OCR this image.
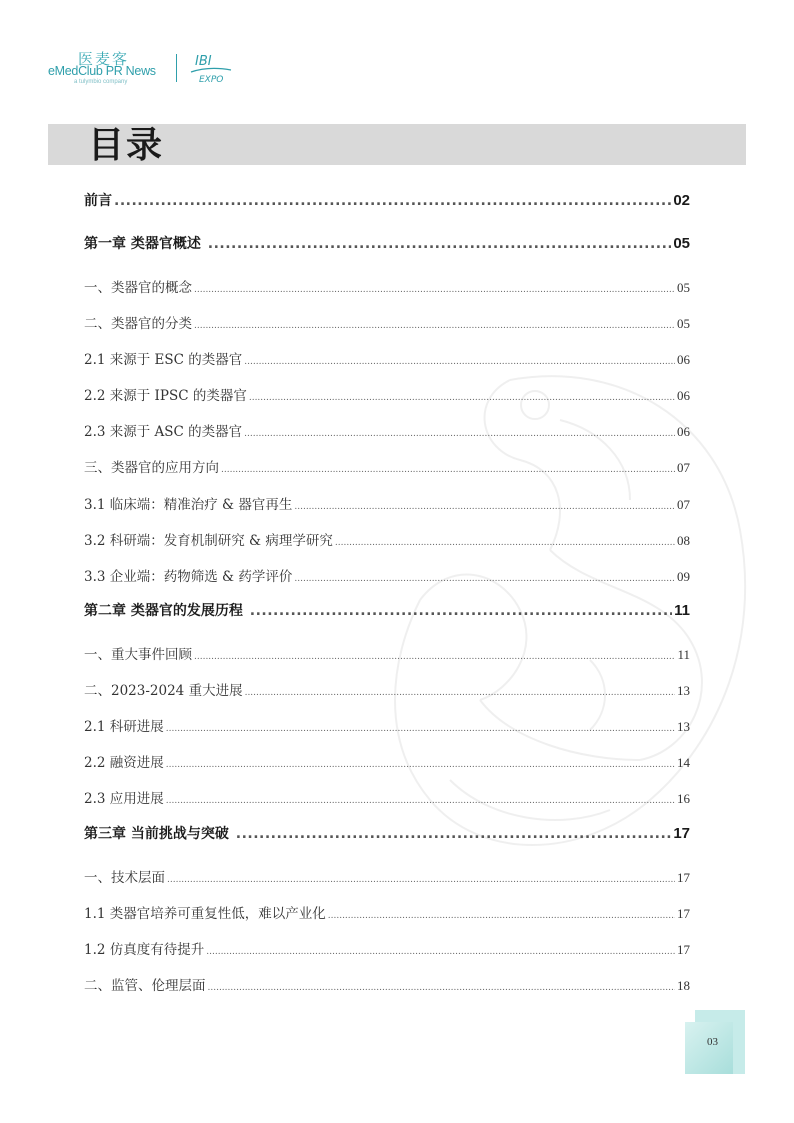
医麦客
eMedClub PR News
a tulymbio company
IBI
EXPO
目录
前言 .....	02
第一章 类器官概述 .....	05
一、类器官的概念 .....	05
二、类器官的分类 .....	05
2.1 来源于 ESC 的类器官 .....	06
2.2 来源于 IPSC 的类器官 .....	06
2.3 来源于 ASC 的类器官 .....	06
三、类器官的应用方向 .....	07
3.1 临床端：精准治疗 & 器官再生 .....	07
3.2 科研端：发育机制研究 & 病理学研究 .....	08
3.3 企业端：药物筛选 & 药学评价 .....	09
第二章 类器官的发展历程 .....	11
一、重大事件回顾 .....	11
二、2023-2024 重大进展 .....	13
2.1 科研进展 .....	13
2.2 融资进展 .....	14
2.3 应用进展 .....	16
第三章 当前挑战与突破 .....	17
一、技术层面 .....	17
1.1 类器官培养可重复性低，难以产业化 .....	17
1.2 仿真度有待提升 .....	17
二、监管、伦理层面 .....	18
03
